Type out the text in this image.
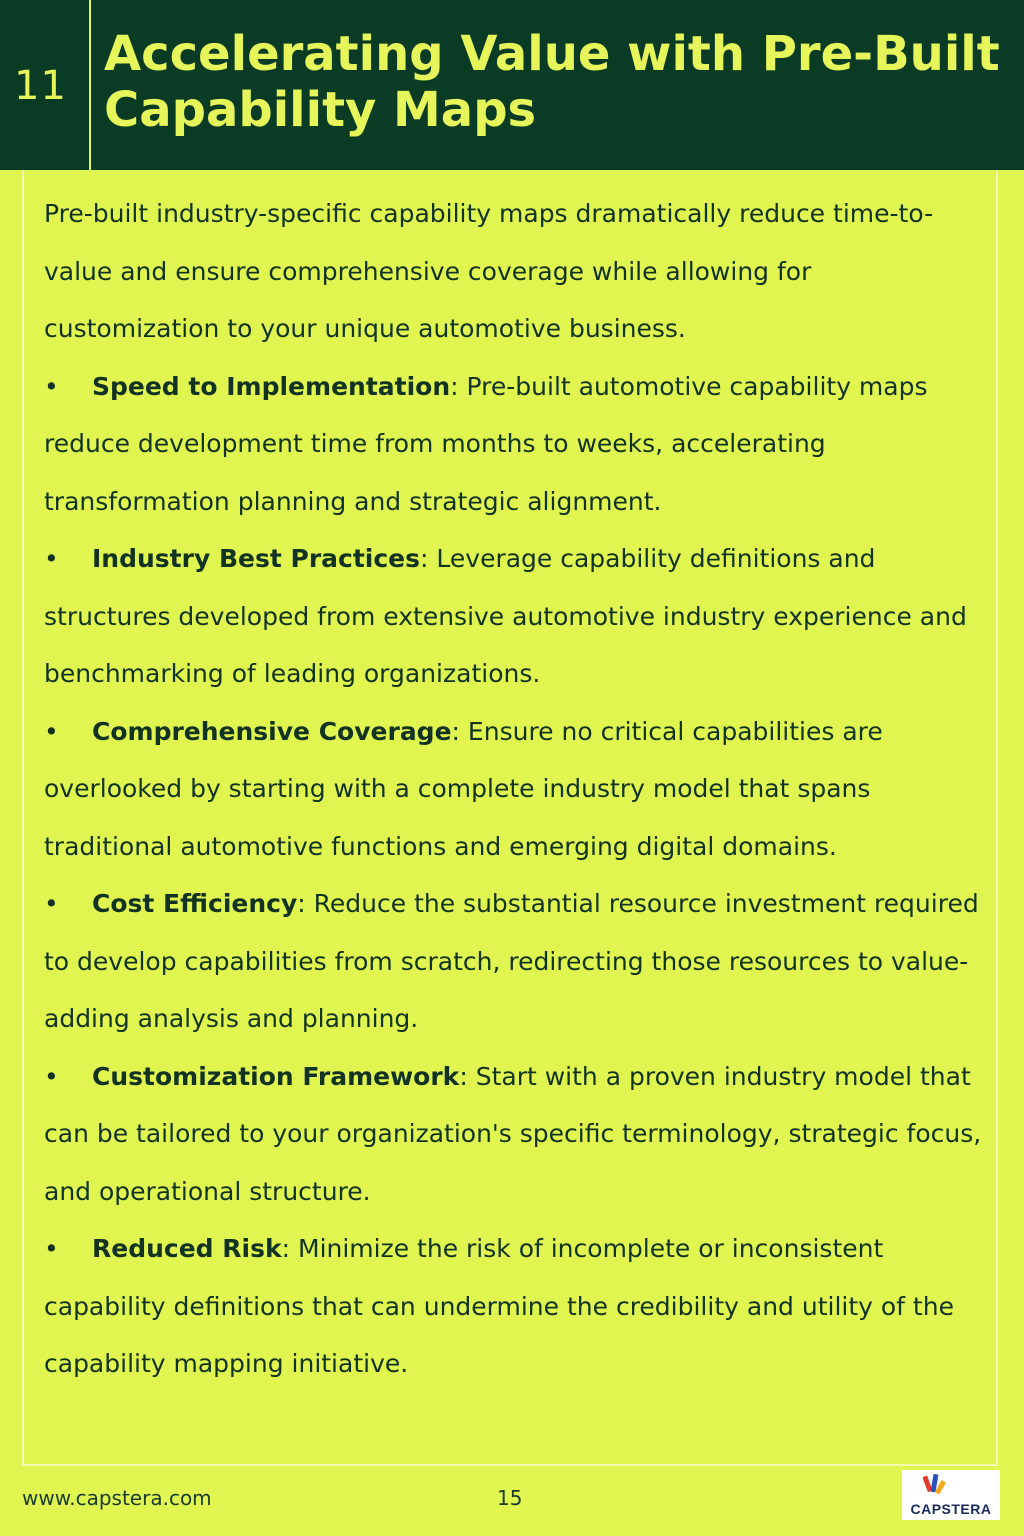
11
Accelerating Value with Pre-Built Capability Maps

Pre-built industry-specific capability maps dramatically reduce time-to-value and ensure comprehensive coverage while allowing for customization to your unique automotive business.

• Speed to Implementation: Pre-built automotive capability maps reduce development time from months to weeks, accelerating transformation planning and strategic alignment.

• Industry Best Practices: Leverage capability definitions and structures developed from extensive automotive industry experience and benchmarking of leading organizations.

• Comprehensive Coverage: Ensure no critical capabilities are overlooked by starting with a complete industry model that spans traditional automotive functions and emerging digital domains.

• Cost Efficiency: Reduce the substantial resource investment required to develop capabilities from scratch, redirecting those resources to value-adding analysis and planning.

• Customization Framework: Start with a proven industry model that can be tailored to your organization's specific terminology, strategic focus, and operational structure.

• Reduced Risk: Minimize the risk of incomplete or inconsistent capability definitions that can undermine the credibility and utility of the capability mapping initiative.

www.capstera.com	15	CAPSTERA
